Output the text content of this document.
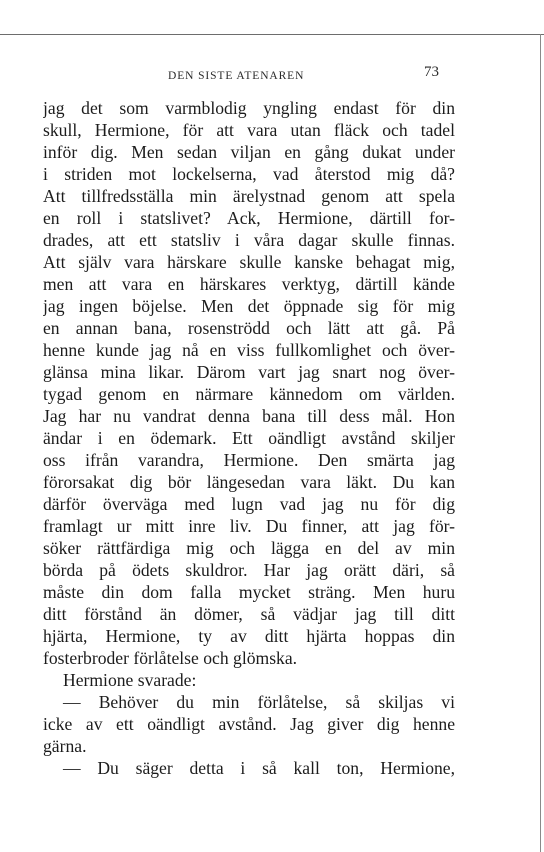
DEN SISTE ATENAREN	73
jag det som varmblodig yngling endast för din
skull, Hermione, för att vara utan fläck och tadel
inför dig. Men sedan viljan en gång dukat under
i striden mot lockelserna, vad återstod mig då?
Att tillfredsställa min ärelystnad genom att spela
en roll i statslivet? Ack, Hermione, därtill for-
drades, att ett statsliv i våra dagar skulle finnas.
Att själv vara härskare skulle kanske behagat mig,
men att vara en härskares verktyg, därtill kände
jag ingen böjelse. Men det öppnade sig för mig
en annan bana, rosenströdd och lätt att gå. På
henne kunde jag nå en viss fullkomlighet och över-
glänsa mina likar. Därom vart jag snart nog över-
tygad genom en närmare kännedom om världen.
Jag har nu vandrat denna bana till dess mål. Hon
ändar i en ödemark. Ett oändligt avstånd skiljer
oss ifrån varandra, Hermione. Den smärta jag
förorsakat dig bör längesedan vara läkt. Du kan
därför överväga med lugn vad jag nu för dig
framlagt ur mitt inre liv. Du finner, att jag för-
söker rättfärdiga mig och lägga en del av min
börda på ödets skuldror. Har jag orätt däri, så
måste din dom falla mycket sträng. Men huru
ditt förstånd än dömer, så vädjar jag till ditt
hjärta, Hermione, ty av ditt hjärta hoppas din
fosterbroder förlåtelse och glömska.
Hermione svarade:
— Behöver du min förlåtelse, så skiljas vi
icke av ett oändligt avstånd. Jag giver dig henne
gärna.
— Du säger detta i så kall ton, Hermione,
